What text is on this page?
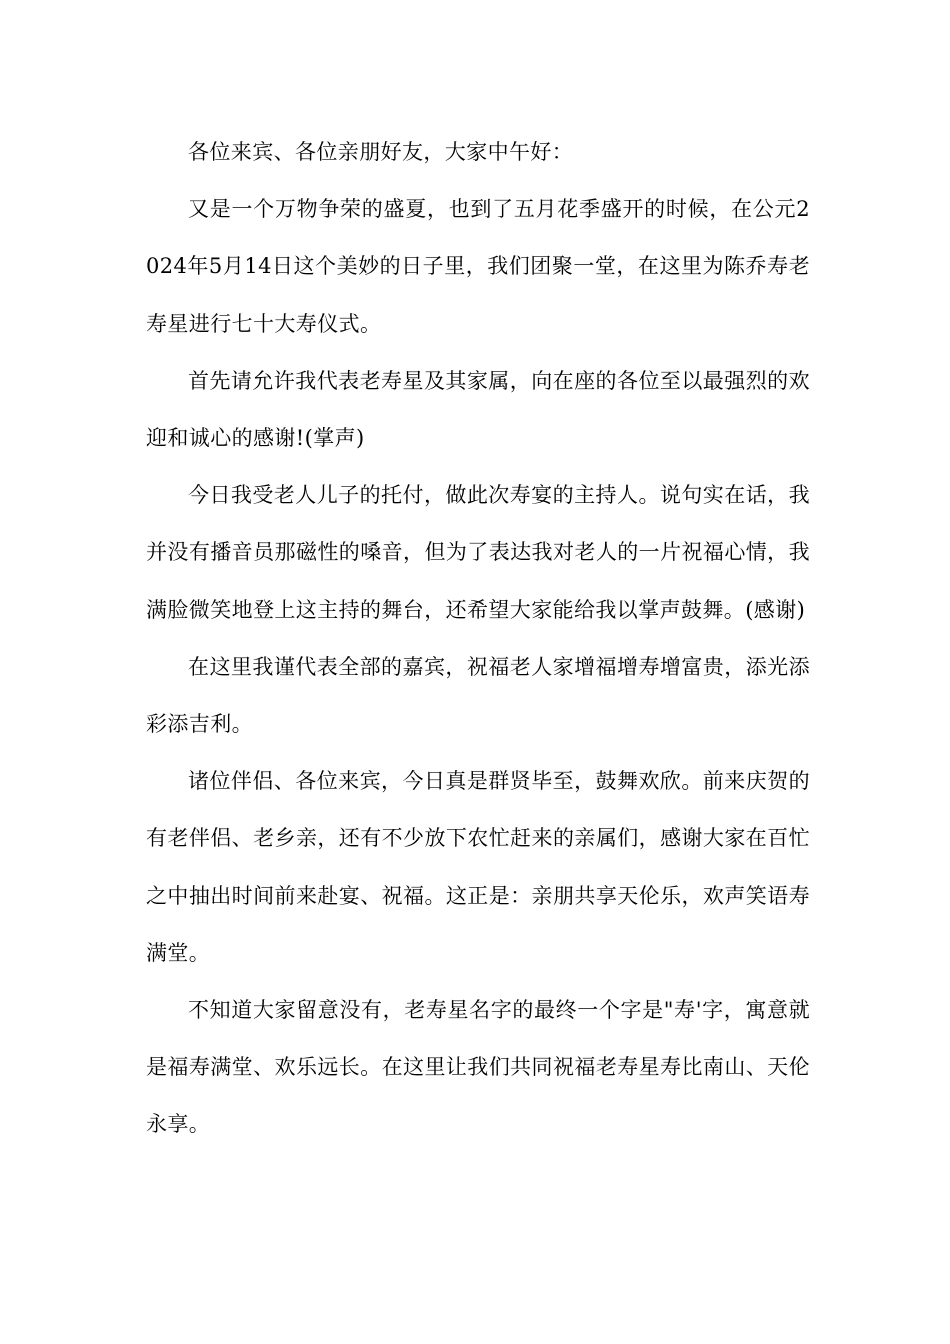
各位来宾、各位亲朋好友，大家中午好：

又是一个万物争荣的盛夏，也到了五月花季盛开的时候，在公元2024年5月14日这个美妙的日子里，我们团聚一堂，在这里为陈乔寿老寿星进行七十大寿仪式。

首先请允许我代表老寿星及其家属，向在座的各位至以最强烈的欢迎和诚心的感谢!(掌声)

今日我受老人儿子的托付，做此次寿宴的主持人。说句实在话，我并没有播音员那磁性的嗓音，但为了表达我对老人的一片祝福心情，我满脸微笑地登上这主持的舞台，还希望大家能给我以掌声鼓舞。(感谢)

在这里我谨代表全部的嘉宾，祝福老人家增福增寿增富贵，添光添彩添吉利。

诸位伴侣、各位来宾，今日真是群贤毕至，鼓舞欢欣。前来庆贺的有老伴侣、老乡亲，还有不少放下农忙赶来的亲属们，感谢大家在百忙之中抽出时间前来赴宴、祝福。这正是：亲朋共享天伦乐，欢声笑语寿满堂。

不知道大家留意没有，老寿星名字的最终一个字是"寿'字，寓意就是福寿满堂、欢乐远长。在这里让我们共同祝福老寿星寿比南山、天伦永享。
